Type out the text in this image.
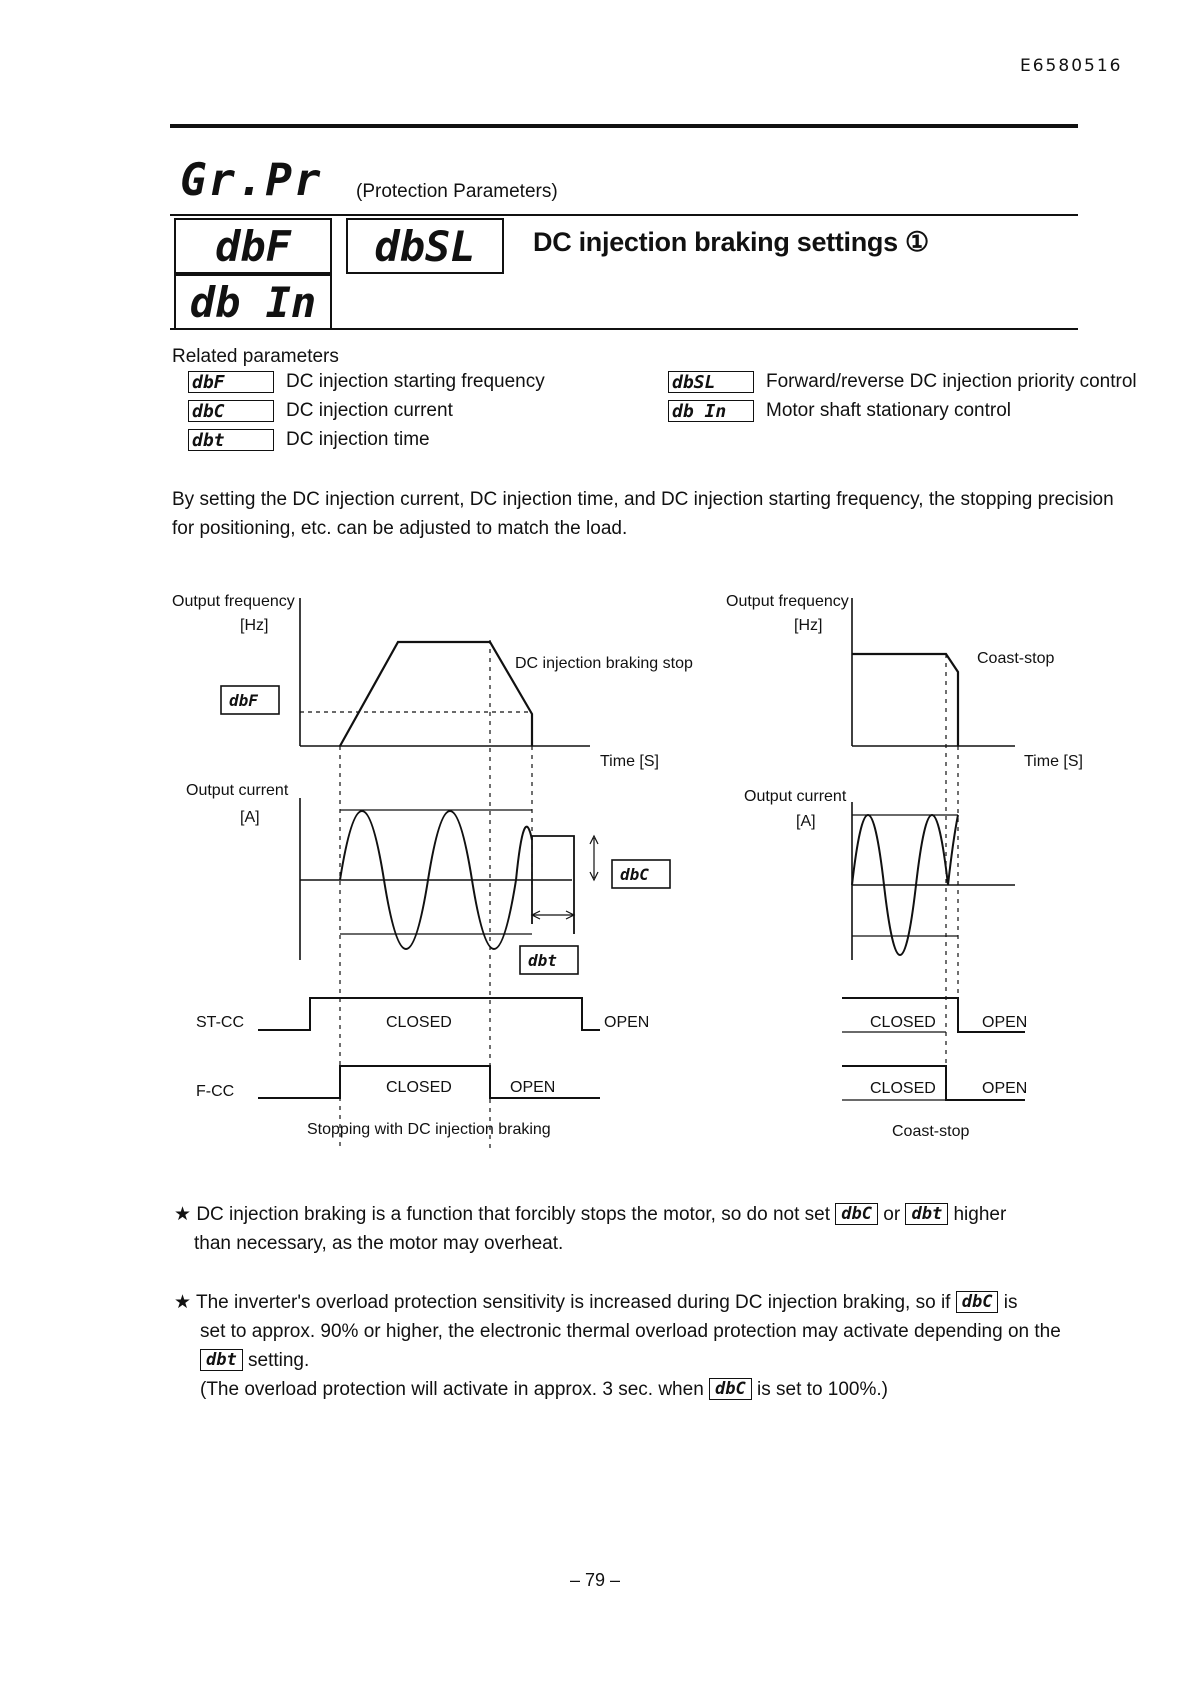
E6580516
Gr.Pr (Protection Parameters)
dbF	dbSL
db In
DC injection braking settings ①
Related parameters
dbF	DC injection starting frequency
dbC	DC injection current
dbt	DC injection time
dbSL	Forward/reverse DC injection priority control
db In	Motor shaft stationary control
By setting the DC injection current, DC injection time, and DC injection starting frequency, the stopping precision
for positioning, etc. can be adjusted to match the load.
Output frequency
[Hz]
DC injection braking stop
Time [S]
Output current
[A]
ST-CC
F-CC
CLOSED	OPEN
CLOSED	OPEN
Stopping with DC injection braking
Output frequency
[Hz]
Coast-stop
Time [S]
Output current
[A]
CLOSED	OPEN
CLOSED	OPEN
Coast-stop
dbF
dbC
dbt
★ DC injection braking is a function that forcibly stops the motor, so do not set dbC or dbt higher
than necessary, as the motor may overheat.
★ The inverter's overload protection sensitivity is increased during DC injection braking, so if dbC is
set to approx. 90% or higher, the electronic thermal overload protection may activate depending on the
dbt setting.
(The overload protection will activate in approx. 3 sec. when dbC is set to 100%.)
– 79 –
